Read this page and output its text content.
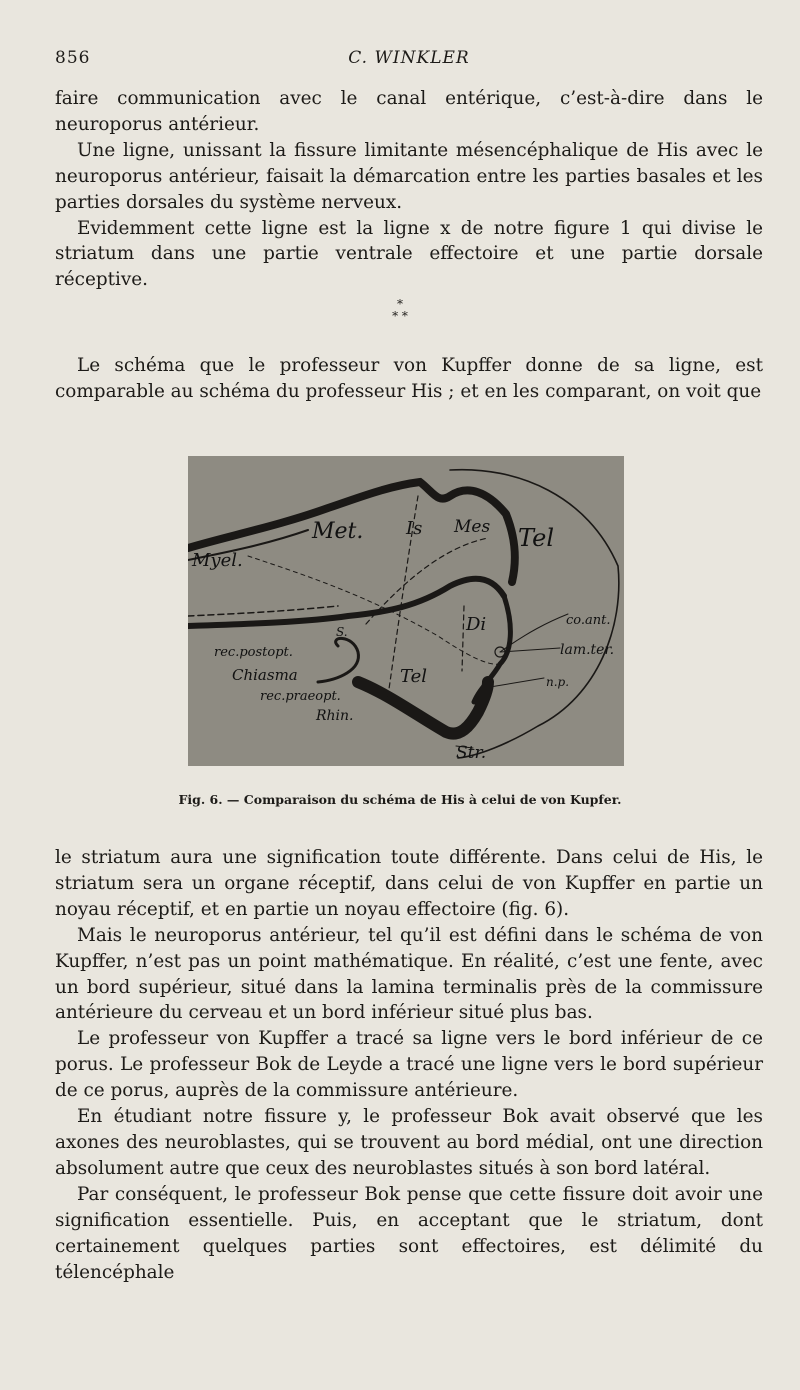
856	C. WINKLER

faire communication avec le canal entérique, c’est-à-dire dans le neuroporus antérieur.

Une ligne, unissant la fissure limitante mésencéphalique de His avec le neuroporus antérieur, faisait la démarcation entre les parties basales et les parties dorsales du système nerveux.

Evidemment cette ligne est la ligne x de notre figure 1 qui divise le striatum dans une partie ventrale effectoire et une partie dorsale réceptive.

*
* *

Le schéma que le professeur von Kupffer donne de sa ligne, est comparable au schéma du professeur His ; et en les comparant, on voit que

Myel.
Met. Is Mes Tel
Di	co.ant.
lam.ter.
n.p.
rec.postopt.
Chiasma
S.
Tel
rec.praeopt.
Rhin.
Str.
Fig. 6. — Comparaison du schéma de His à celui de von Kupfer.

le striatum aura une signification toute différente. Dans celui de His, le striatum sera un organe réceptif, dans celui de von Kupffer en partie un noyau réceptif, et en partie un noyau effectoire (fig. 6).

Mais le neuroporus antérieur, tel qu’il est défini dans le schéma de von Kupffer, n’est pas un point mathématique. En réalité, c’est une fente, avec un bord supérieur, situé dans la lamina terminalis près de la commissure antérieure du cerveau et un bord inférieur situé plus bas.

Le professeur von Kupffer a tracé sa ligne vers le bord inférieur de ce porus. Le professeur Bok de Leyde a tracé une ligne vers le bord supérieur de ce porus, auprès de la commissure antérieure.

En étudiant notre fissure y, le professeur Bok avait observé que les axones des neuroblastes, qui se trouvent au bord médial, ont une direction absolument autre que ceux des neuroblastes situés à son bord latéral.

Par conséquent, le professeur Bok pense que cette fissure doit avoir une signification essentielle. Puis, en acceptant que le striatum, dont certainement quelques parties sont effectoires, est délimité du télencéphale
